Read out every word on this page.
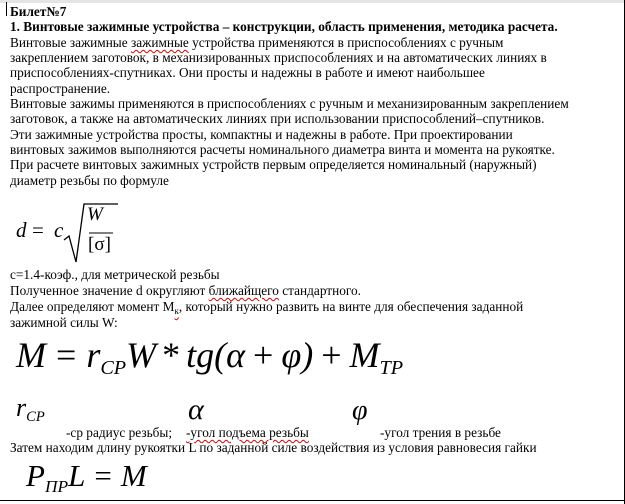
Билет№7
1. Винтовые зажимные устройства – конструкции, область применения, методика расчета.
Винтовые зажимные зажимные устройства применяются в приспособлениях с ручным
закреплением заготовок, в механизированных приспособлениях и на автоматических линиях в
приспособлениях-спутниках. Они просты и надежны в работе и имеют наибольшее
распространение.
Винтовые зажимы применяются в приспособлениях с ручным и механизированным закреплением
заготовок, а также на автоматических линиях при использовании приспособлений–спутников.
Эти зажимные устройства просты, компактны и надежны в работе. При проектировании
винтовых зажимов выполняются расчеты номинального диаметра винта и момента на рукоятке.
При расчете винтовых зажимных устройств первым определяется номинальный (наружный)
диаметр резьбы по формуле
d = c
W
[σ]
c=1.4-коэф., для метрической резьбы
Полученное значение d округляют ближайщего стандартного.
Далее определяют момент $М_к$, который нужно развить на винте для обеспечения заданной
зажимной силы W:
M = rCPW * tg(α + φ) + MTP
rCP
-ср радиус резьбы;
α
-угол подъема резьбы
φ
-угол трения в резьбе
Затем находим длину рукоятки L по заданной силе воздействия из условия равновесия гайки
PПРL = M
